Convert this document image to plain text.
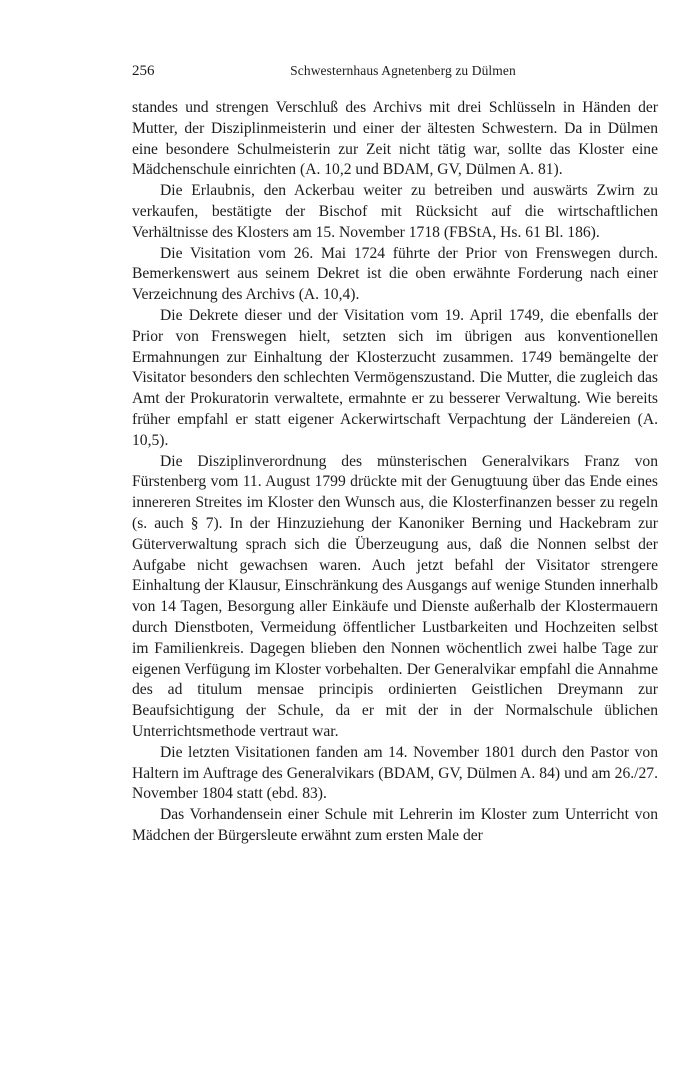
256	Schwesternhaus Agnetenberg zu Dülmen

standes und strengen Verschluß des Archivs mit drei Schlüsseln in Händen der Mutter, der Disziplinmeisterin und einer der ältesten Schwestern. Da in Dülmen eine besondere Schulmeisterin zur Zeit nicht tätig war, sollte das Kloster eine Mädchenschule einrichten (A. 10,2 und BDAM, GV, Dülmen A. 81).

Die Erlaubnis, den Ackerbau weiter zu betreiben und auswärts Zwirn zu verkaufen, bestätigte der Bischof mit Rücksicht auf die wirtschaftlichen Verhältnisse des Klosters am 15. November 1718 (FBStA, Hs. 61 Bl. 186).

Die Visitation vom 26. Mai 1724 führte der Prior von Frenswegen durch. Bemerkenswert aus seinem Dekret ist die oben erwähnte Forderung nach einer Verzeichnung des Archivs (A. 10,4).

Die Dekrete dieser und der Visitation vom 19. April 1749, die ebenfalls der Prior von Frenswegen hielt, setzten sich im übrigen aus konventionellen Ermahnungen zur Einhaltung der Klosterzucht zusammen. 1749 bemängelte der Visitator besonders den schlechten Vermögenszustand. Die Mutter, die zugleich das Amt der Prokuratorin verwaltete, ermahnte er zu besserer Verwaltung. Wie bereits früher empfahl er statt eigener Ackerwirtschaft Verpachtung der Ländereien (A. 10,5).

Die Disziplinverordnung des münsterischen Generalvikars Franz von Fürstenberg vom 11. August 1799 drückte mit der Genugtuung über das Ende eines innereren Streites im Kloster den Wunsch aus, die Klosterfinanzen besser zu regeln (s. auch § 7). In der Hinzuziehung der Kanoniker Berning und Hackebram zur Güterverwaltung sprach sich die Überzeugung aus, daß die Nonnen selbst der Aufgabe nicht gewachsen waren. Auch jetzt befahl der Visitator strengere Einhaltung der Klausur, Einschränkung des Ausgangs auf wenige Stunden innerhalb von 14 Tagen, Besorgung aller Einkäufe und Dienste außerhalb der Klostermauern durch Dienstboten, Vermeidung öffentlicher Lustbarkeiten und Hochzeiten selbst im Familienkreis. Dagegen blieben den Nonnen wöchentlich zwei halbe Tage zur eigenen Verfügung im Kloster vorbehalten. Der Generalvikar empfahl die Annahme des ad titulum mensae principis ordinierten Geistlichen Dreymann zur Beaufsichtigung der Schule, da er mit der in der Normalschule üblichen Unterrichtsmethode vertraut war.

Die letzten Visitationen fanden am 14. November 1801 durch den Pastor von Haltern im Auftrage des Generalvikars (BDAM, GV, Dülmen A. 84) und am 26./27. November 1804 statt (ebd. 83).

Das Vorhandensein einer Schule mit Lehrerin im Kloster zum Unterricht von Mädchen der Bürgersleute erwähnt zum ersten Male der
